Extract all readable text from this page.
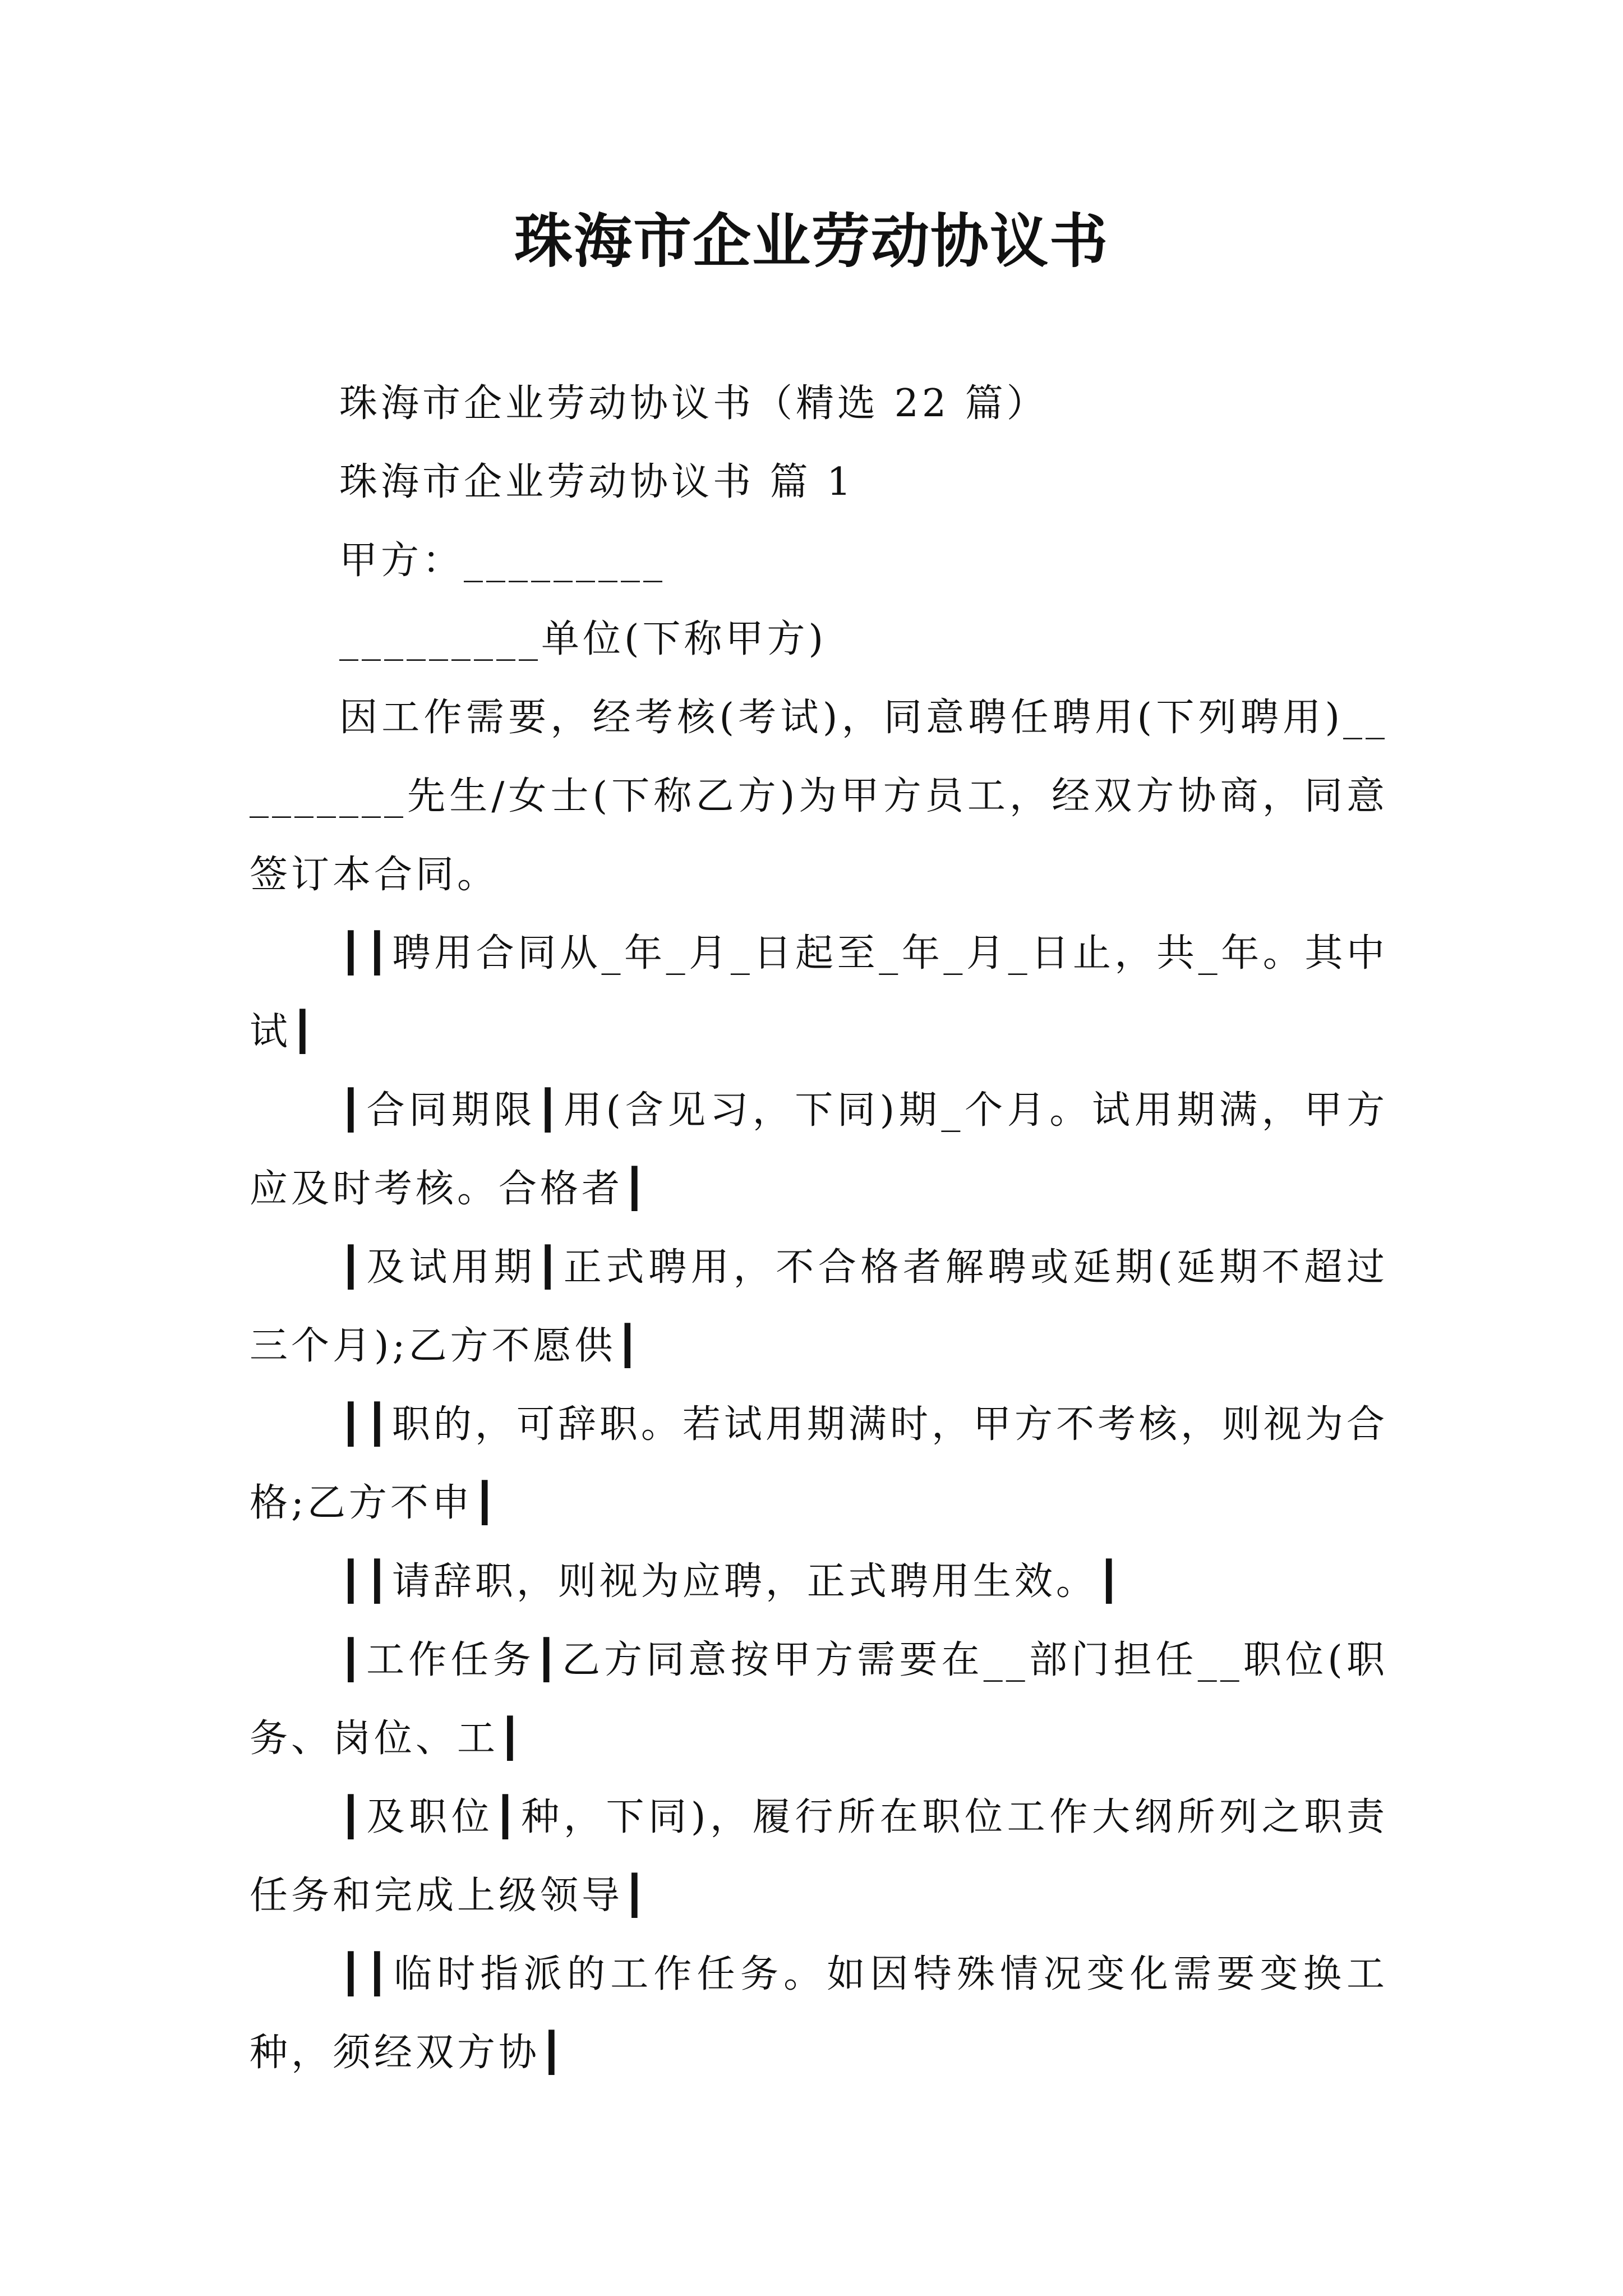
珠海市企业劳动协议书

珠海市企业劳动协议书（精选 22 篇）

珠海市企业劳动协议书 篇 1

甲方：_________

_________单位(下称甲方)

因工作需要，经考核(考试)，同意聘任聘用(下列聘用)_________先生/女士(下称乙方)为甲方员工，经双方协商，同意签订本合同。

┃┃聘用合同从_年_月_日起至_年_月_日止，共_年。其中试┃

┃合同期限┃用(含见习，下同)期_个月。试用期满，甲方应及时考核。合格者┃

┃及试用期┃正式聘用，不合格者解聘或延期(延期不超过三个月);乙方不愿供┃

┃┃职的，可辞职。若试用期满时，甲方不考核，则视为合格;乙方不申┃

┃┃请辞职，则视为应聘，正式聘用生效。┃

┃工作任务┃乙方同意按甲方需要在__部门担任__职位(职务、岗位、工┃

┃及职位┃种，下同)，履行所在职位工作大纲所列之职责任务和完成上级领导┃

┃┃临时指派的工作任务。如因特殊情况变化需要变换工种，须经双方协┃
